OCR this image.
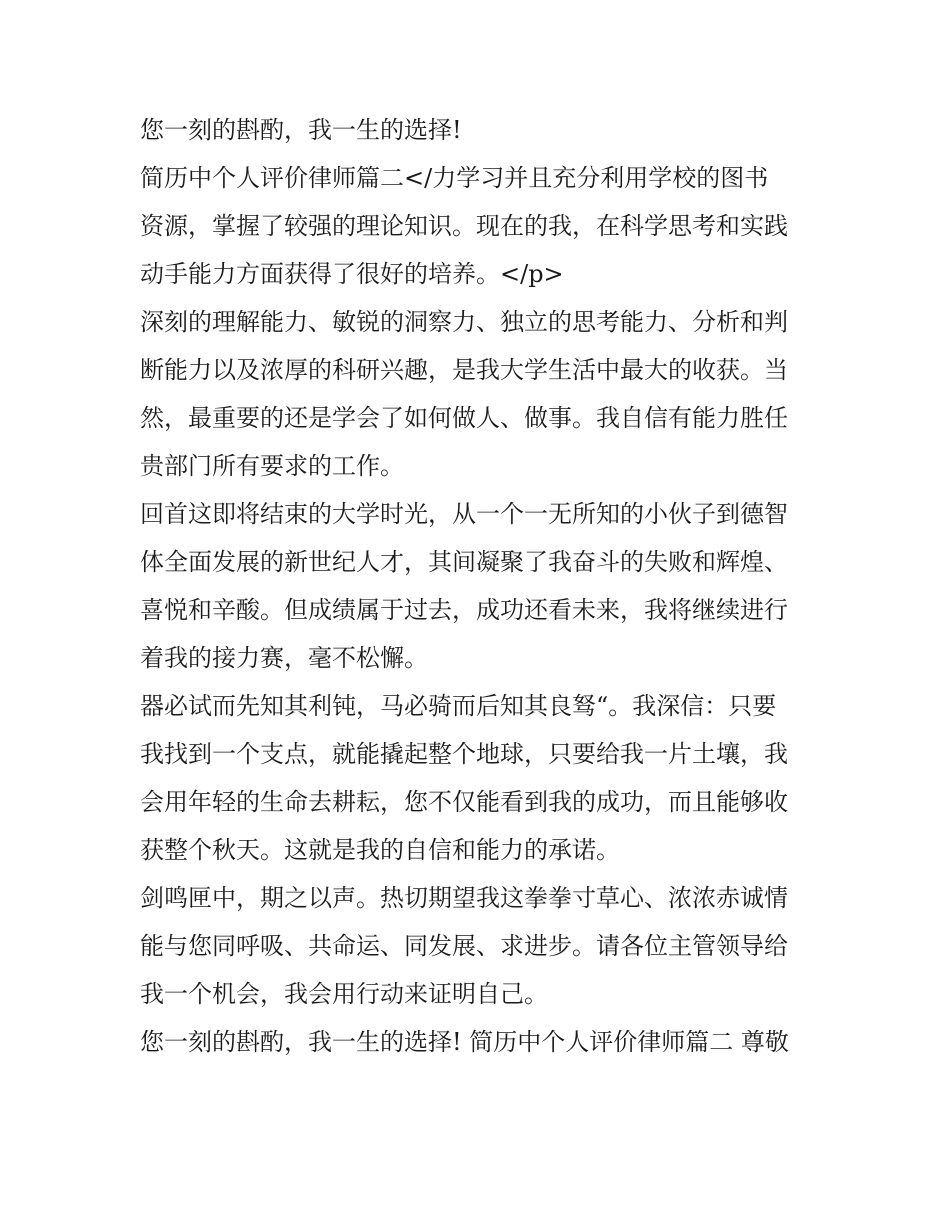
您一刻的斟酌，我一生的选择!
简历中个人评价律师篇二</力学习并且充分利用学校的图书
资源，掌握了较强的理论知识。现在的我，在科学思考和实践
动手能力方面获得了很好的培养。</p>
深刻的理解能力、敏锐的洞察力、独立的思考能力、分析和判
断能力以及浓厚的科研兴趣，是我大学生活中最大的收获。当
然，最重要的还是学会了如何做人、做事。我自信有能力胜任
贵部门所有要求的工作。
回首这即将结束的大学时光，从一个一无所知的小伙子到德智
体全面发展的新世纪人才，其间凝聚了我奋斗的失败和辉煌、
喜悦和辛酸。但成绩属于过去，成功还看未来，我将继续进行
着我的接力赛，毫不松懈。
器必试而先知其利钝，马必骑而后知其良驽“。我深信：只要
我找到一个支点，就能撬起整个地球，只要给我一片土壤，我
会用年轻的生命去耕耘，您不仅能看到我的成功，而且能够收
获整个秋天。这就是我的自信和能力的承诺。
剑鸣匣中，期之以声。热切期望我这拳拳寸草心、浓浓赤诚情
能与您同呼吸、共命运、同发展、求进步。请各位主管领导给
我一个机会，我会用行动来证明自己。
您一刻的斟酌，我一生的选择! 简历中个人评价律师篇二 尊敬
